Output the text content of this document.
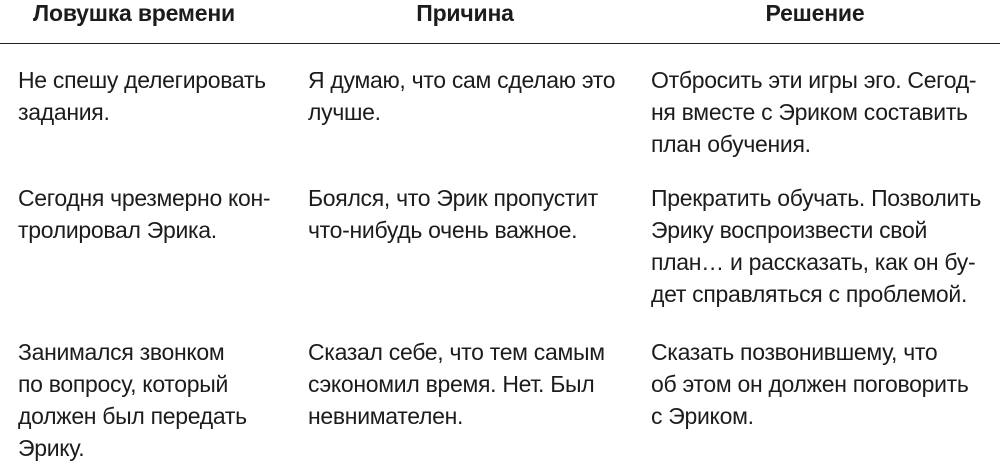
Ловушка времени	Причина	Решение
Не спешу делегировать
задания.
Я думаю, что сам сделаю это
лучше.
Отбросить эти игры эго. Сегод-
ня вместе с Эриком составить
план обучения.
Сегодня чрезмерно кон-
тролировал Эрика.
Боялся, что Эрик пропустит
что-нибудь очень важное.
Прекратить обучать. Позволить
Эрику воспроизвести свой
план… и рассказать, как он бу-
дет справляться с проблемой.
Занимался звонком
по вопросу, который
должен был передать
Эрику.
Сказал себе, что тем самым
сэкономил время. Нет. Был
невнимателен.
Сказать позвонившему, что
об этом он должен поговорить
с Эриком.
